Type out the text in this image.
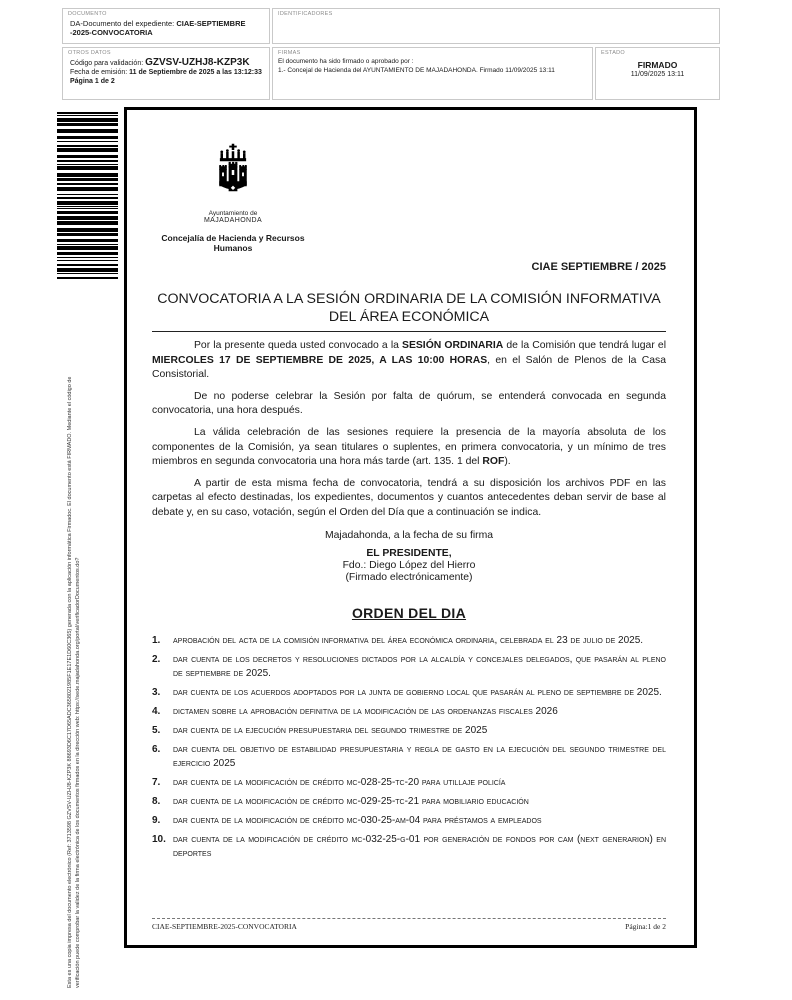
DOCUMENTO
DA-Documento del expediente: CIAE-SEPTIEMBRE -2025-CONVOCATORIA
IDENTIFICADORES
OTROS DATOS
Código para validación: GZVSV-UZHJ8-KZP3K
Fecha de emisión: 11 de Septiembre de 2025 a las 13:12:33
Página 1 de 2
FIRMAS
El documento ha sido firmado o aprobado por :
1.- Concejal de Hacienda del AYUNTAMIENTO DE MAJADAHONDA. Firmado 11/09/2025 13:11
ESTADO
FIRMADO
11/09/2025 13:11
Esta es una copia impresa del documento electrónico (Ref: 3713598 GZVSV-UZHJ8-KZP3K 88693D6C17D65ADC3658021985F1E17E1D60C365) generada con la aplicación informática Firmadoc. El documento está FIRMADO. Mediante el código de verificación puede comprobar la validez de la firma electrónica de los documentos firmados en la dirección web: https://sede.majadahonda.org/portal/verificadorDocumentos.do?
Ayuntamiento de
MAJADAHONDA
Concejalía de Hacienda y Recursos
Humanos
CIAE SEPTIEMBRE / 2025
CONVOCATORIA A LA SESIÓN ORDINARIA DE LA COMISIÓN INFORMATIVA DEL ÁREA ECONÓMICA

Por la presente queda usted convocado a la SESIÓN ORDINARIA de la Comisión que tendrá lugar el MIERCOLES 17 DE SEPTIEMBRE DE 2025, A LAS 10:00 HORAS, en el Salón de Plenos de la Casa Consistorial.

De no poderse celebrar la Sesión por falta de quórum, se entenderá convocada en segunda convocatoria, una hora después.

La válida celebración de las sesiones requiere la presencia de la mayoría absoluta de los componentes de la Comisión, ya sean titulares o suplentes, en primera convocatoria, y un mínimo de tres miembros en segunda convocatoria una hora más tarde (art. 135. 1 del ROF).

A partir de esta misma fecha de convocatoria, tendrá a su disposición los archivos PDF en las carpetas al efecto destinadas, los expedientes, documentos y cuantos antecedentes deban servir de base al debate y, en su caso, votación, según el Orden del Día que a continuación se indica.

Majadahonda, a la fecha de su firma
EL PRESIDENTE,
Fdo.: Diego López del Hierro
(Firmado electrónicamente)
ORDEN DEL DIA
1.	aprobación del acta de la comisión informativa del área económica ordinaria, celebrada el 23 de julio de 2025.
2.	dar cuenta de los decretos y resoluciones dictados por la alcaldía y concejales delegados, que pasarán al pleno de septiembre de 2025.
3.	dar cuenta de los acuerdos adoptados por la junta de gobierno local que pasarán al pleno de septiembre de 2025.
4.	dictamen sobre la aprobación definitiva de la modificación de las ordenanzas fiscales 2026
5.	dar cuenta de la ejecución presupuestaria del segundo trimestre de 2025
6.	dar cuenta del objetivo de estabilidad presupuestaria y regla de gasto en la ejecución del segundo trimestre del ejercicio 2025
7.	dar cuenta de la modificación de crédito mc-028-25-tc-20 para utillaje policía
8.	dar cuenta de la modificación de crédito mc-029-25-tc-21 para mobiliario educación
9.	dar cuenta de la modificación de crédito mc-030-25-am-04 para préstamos a empleados
10. dar cuenta de la modificación de crédito mc-032-25-g-01 por generación de fondos por cam (next generarion) en deportes
CIAE-SEPTIEMBRE-2025-CONVOCATORIA	Página:1 de 2
